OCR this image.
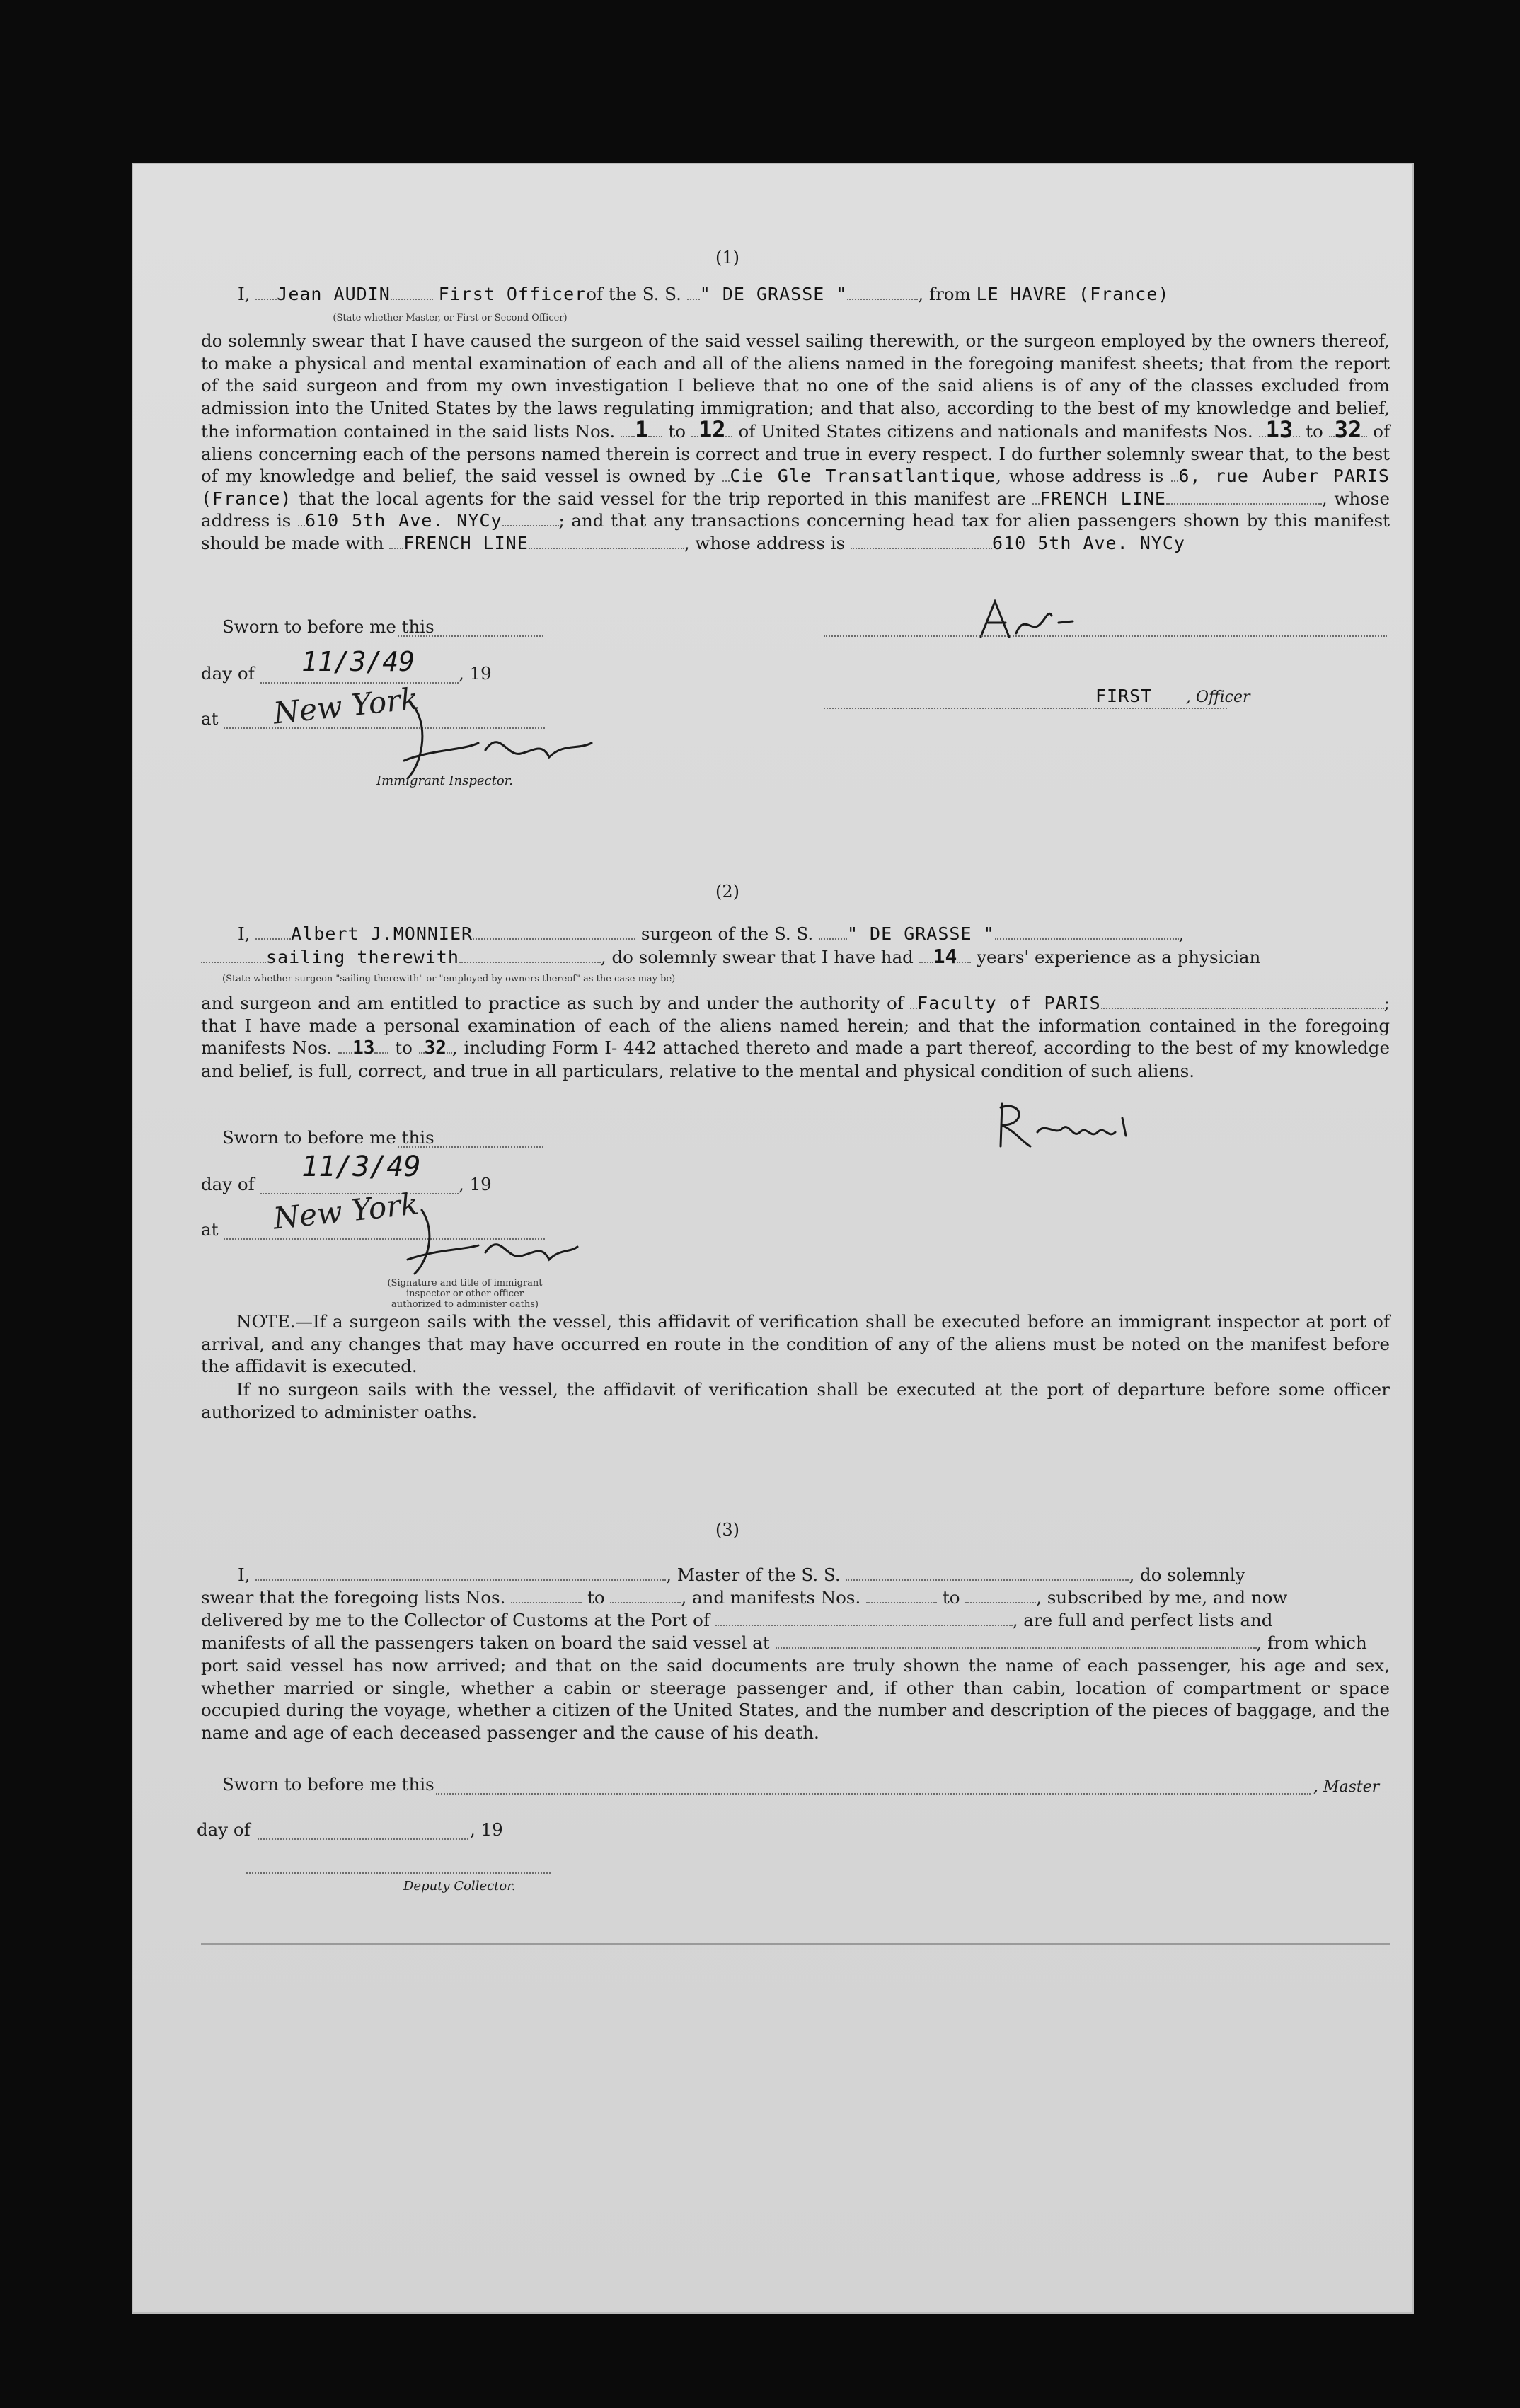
(1)
I, Jean AUDIN	First Officerof the S. S. " DE GRASSE "	, from LE HAVRE (France)
(State whether Master, or First or Second Officer)
do solemnly swear that I have caused the surgeon of the said vessel sailing therewith, or the surgeon employed by the owners thereof, to make a physical and mental examination of each and all of the aliens named in the foregoing manifest sheets; that from the report of the said surgeon and from my own investigation I believe that no one of the said aliens is of any of the classes excluded from admission into the United States by the laws regulating immigration; and that also, according to the best of my knowledge and belief, the information contained in the said lists Nos. 1 to 12 of United States citizens and nationals and manifests Nos. 13 to 32 of aliens concerning each of the persons named therein is correct and true in every respect. I do further solemnly swear that, to the best of my knowledge and belief, the said vessel is owned by Cie Gle Transatlantique, whose address is 6, rue Auber PARIS (France) that the local agents for the said vessel for the trip reported in this manifest are FRENCH LINE	, whose address is 610 5th Ave. NYCy	; and that any transactions concerning head tax for alien passengers shown by this manifest should be made with FRENCH LINE	, whose address is	610 5th Ave. NYCy
Sworn to before me this
day of 11/3/49	, 19
at New York
Immigrant Inspector.
FIRST , Officer
(2)
I, Albert J.MONNIER	surgeon of the S. S. " DE GRASSE "	,
sailing therewith	, do solemnly swear that I have had 14 years' experience as a physician
(State whether surgeon "sailing therewith" or "employed by owners thereof" as the case may be)
and surgeon and am entitled to practice as such by and under the authority of Faculty of PARIS	; that I have made a personal examination of each of the aliens named herein; and that the information contained in the foregoing manifests Nos. 13 to 32 , including Form I- 442 attached thereto and made a part thereof, according to the best of my knowledge and belief, is full, correct, and true in all particulars, relative to the mental and physical condition of such aliens.
Sworn to before me this
day of
11/3/49
, 19
at New York
(Signature and title of immigrant inspector or other officer authorized to administer oaths)
NOTE.—If a surgeon sails with the vessel, this affidavit of verification shall be executed before an immigrant inspector at port of arrival, and any changes that may have occurred en route in the condition of any of the aliens must be noted on the manifest before the affidavit is executed.
If no surgeon sails with the vessel, the affidavit of verification shall be executed at the port of departure before some officer authorized to administer oaths.
(3)
I,	, Master of the S. S.	, do solemnly
swear that the foregoing lists Nos.	to	, and manifests Nos.	to	, subscribed by me, and now
delivered by me to the Collector of Customs at the Port of	, are full and perfect lists and
manifests of all the passengers taken on board the said vessel at	, from which
port said vessel has now arrived; and that on the said documents are truly shown the name of each passenger, his age and sex, whether married or single, whether a cabin or steerage passenger and, if other than cabin, location of compartment or space occupied during the voyage, whether a citizen of the United States, and the number and description of the pieces of baggage, and the name and age of each deceased passenger and the cause of his death.
Sworn to before me this	, Master
day of	, 19
Deputy Collector.
